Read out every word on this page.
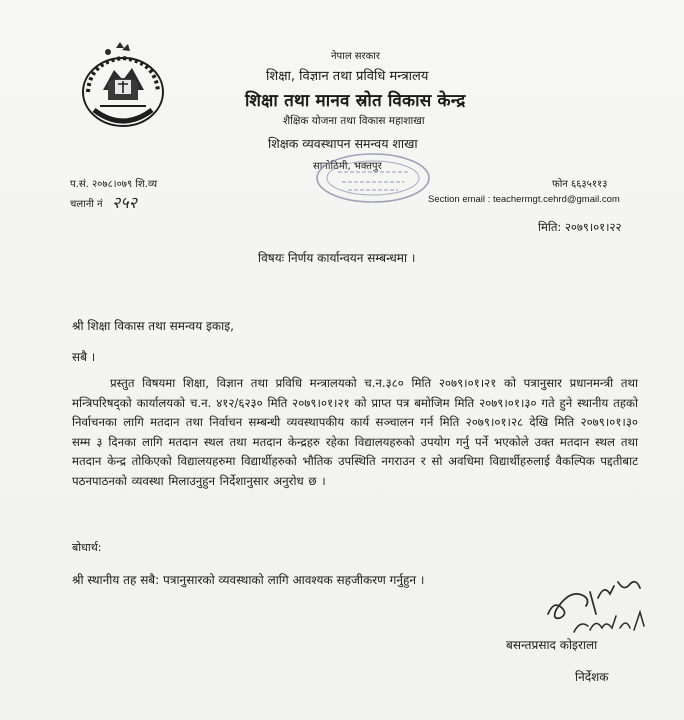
नेपाल सरकार
शिक्षा, विज्ञान तथा प्रविधि मन्त्रालय
शिक्षा तथा मानव स्रोत विकास केन्द्र
शैक्षिक योजना तथा विकास महाशाखा
शिक्षक व्यवस्थापन समन्वय शाखा
सानोठिमी, भक्तपुर
प.सं. २०७८।०७९ शि.व्य
चलानी नं २५२
फोन ६६३५११३
Section email : teachermgt.cehrd@gmail.com
मिति: २०७९।०१।२२
विषयः निर्णय कार्यान्वयन सम्बन्धमा ।
श्री शिक्षा विकास तथा समन्वय इकाइ,
सबै ।
प्रस्तुत विषयमा शिक्षा, विज्ञान तथा प्रविधि मन्त्रालयको च.न.३८० मिति २०७९।०१।२१ को पत्रानुसार प्रधानमन्त्री तथा मन्त्रिपरिषद्को कार्यालयको च.न. ४१२/६२३० मिति २०७९।०१।२१ को प्राप्त पत्र बमोजिम मिति २०७९।०१।३० गते हुने स्थानीय तहको निर्वाचनका लागि मतदान तथा निर्वाचन सम्बन्धी व्यवस्थापकीय कार्य सञ्चालन गर्न मिति २०७९।०१।२८ देखि मिति २०७९।०१।३० सम्म ३ दिनका लागि मतदान स्थल तथा मतदान केन्द्रहरु रहेका विद्यालयहरुको उपयोग गर्नु पर्ने भएकोले उक्त मतदान स्थल तथा मतदान केन्द्र तोकिएको विद्यालयहरुमा विद्यार्थीहरुको भौतिक उपस्थिति नगराउन र सो अवधिमा विद्यार्थीहरुलाई वैकल्पिक पद्दतीबाट पठनपाठनको व्यवस्था मिलाउनुहुन निर्देशानुसार अनुरोध छ ।
बोधार्थ:
श्री स्थानीय तह सबै: पत्रानुसारको व्यवस्थाको लागि आवश्यक सहजीकरण गर्नुहुन ।
बसन्तप्रसाद कोइराला
निर्देशक
